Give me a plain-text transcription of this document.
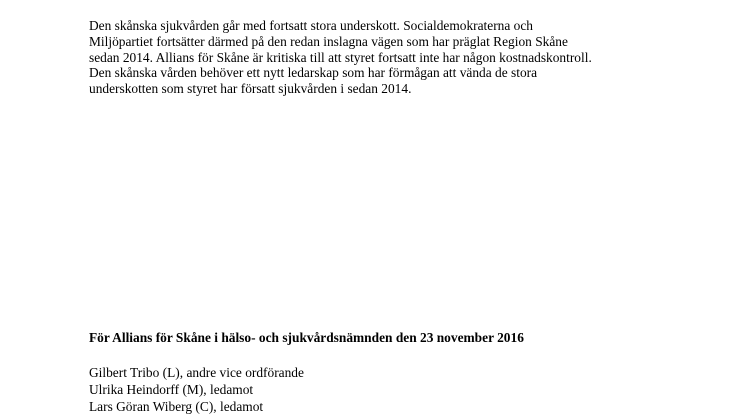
Den skånska sjukvården går med fortsatt stora underskott. Socialdemokraterna och
Miljöpartiet fortsätter därmed på den redan inslagna vägen som har präglat Region Skåne
sedan 2014. Allians för Skåne är kritiska till att styret fortsatt inte har någon kostnadskontroll.
Den skånska vården behöver ett nytt ledarskap som har förmågan att vända de stora
underskotten som styret har försatt sjukvården i sedan 2014.
För Allians för Skåne i hälso- och sjukvårdsnämnden den 23 november 2016
Gilbert Tribo (L), andre vice ordförande
Ulrika Heindorff (M), ledamot
Lars Göran Wiberg (C), ledamot
